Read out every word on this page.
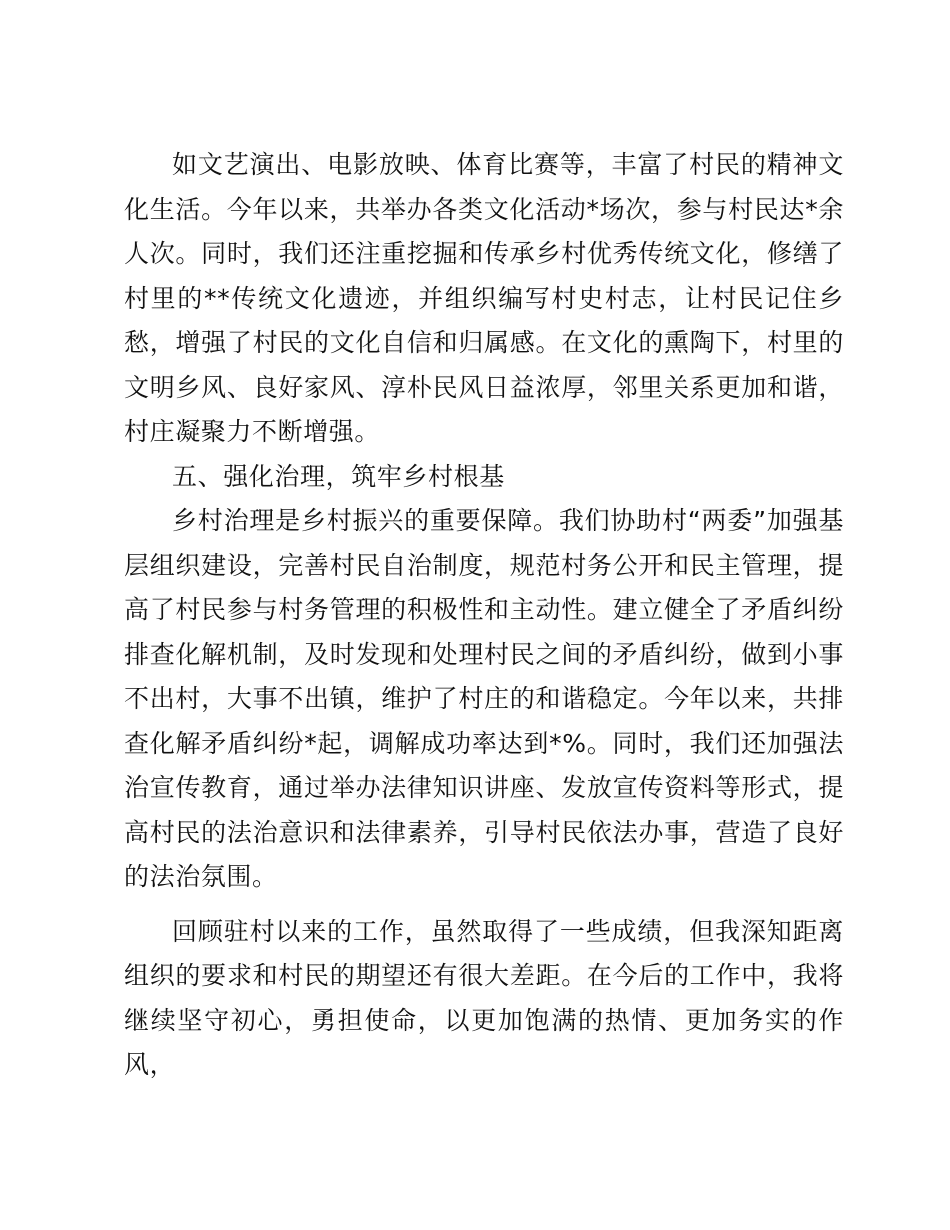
如文艺演出、电影放映、体育比赛等，丰富了村民的精神文化生活。今年以来，共举办各类文化活动*场次，参与村民达*余人次。同时，我们还注重挖掘和传承乡村优秀传统文化，修缮了村里的**传统文化遗迹，并组织编写村史村志，让村民记住乡愁，增强了村民的文化自信和归属感。在文化的熏陶下，村里的文明乡风、良好家风、淳朴民风日益浓厚，邻里关系更加和谐，村庄凝聚力不断增强。

五、强化治理，筑牢乡村根基

乡村治理是乡村振兴的重要保障。我们协助村“两委”加强基层组织建设，完善村民自治制度，规范村务公开和民主管理，提高了村民参与村务管理的积极性和主动性。建立健全了矛盾纠纷排查化解机制，及时发现和处理村民之间的矛盾纠纷，做到小事不出村，大事不出镇，维护了村庄的和谐稳定。今年以来，共排查化解矛盾纠纷*起，调解成功率达到*%。同时，我们还加强法治宣传教育，通过举办法律知识讲座、发放宣传资料等形式，提高村民的法治意识和法律素养，引导村民依法办事，营造了良好的法治氛围。

回顾驻村以来的工作，虽然取得了一些成绩，但我深知距离组织的要求和村民的期望还有很大差距。在今后的工作中，我将继续坚守初心，勇担使命，以更加饱满的热情、更加务实的作风，
